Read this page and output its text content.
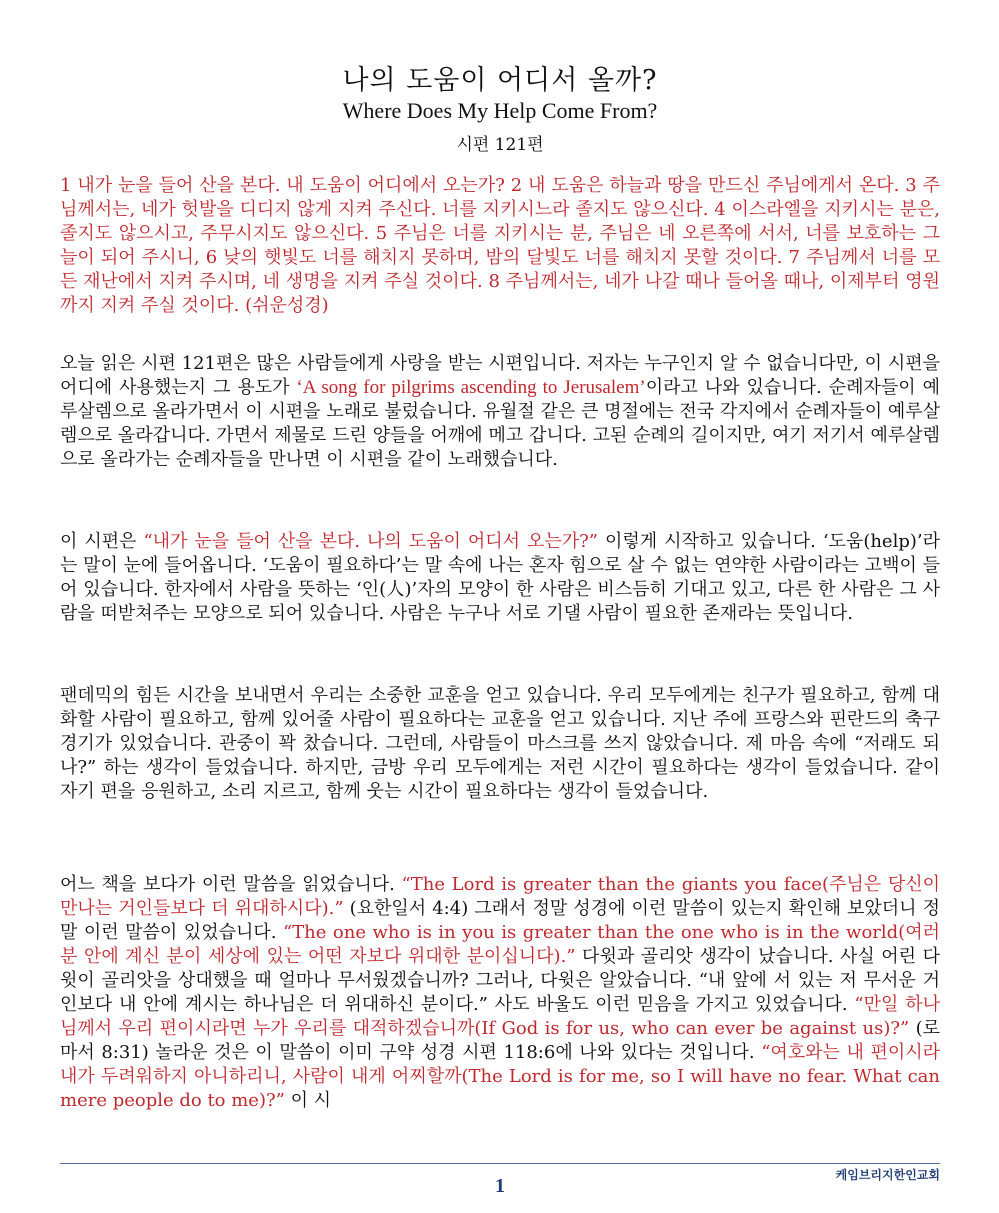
나의 도움이 어디서 올까?
Where Does My Help Come From?
시편 121편

1 내가 눈을 들어 산을 본다. 내 도움이 어디에서 오는가? 2 내 도움은 하늘과 땅을 만드신 주님에게서 온다. 3 주님께서는, 네가 헛발을 디디지 않게 지켜 주신다. 너를 지키시느라 졸지도 않으신다. 4 이스라엘을 지키시는 분은, 졸지도 않으시고, 주무시지도 않으신다. 5 주님은 너를 지키시는 분, 주님은 네 오른쪽에 서서, 너를 보호하는 그늘이 되어 주시니, 6 낮의 햇빛도 너를 해치지 못하며, 밤의 달빛도 너를 해치지 못할 것이다. 7 주님께서 너를 모든 재난에서 지켜 주시며, 네 생명을 지켜 주실 것이다. 8 주님께서는, 네가 나갈 때나 들어올 때나, 이제부터 영원까지 지켜 주실 것이다. (쉬운성경)

오늘 읽은 시편 121편은 많은 사람들에게 사랑을 받는 시편입니다. 저자는 누구인지 알 수 없습니다만, 이 시편을 어디에 사용했는지 그 용도가 ‘A song for pilgrims ascending to Jerusalem’이라고 나와 있습니다. 순례자들이 예루살렘으로 올라가면서 이 시편을 노래로 불렀습니다. 유월절 같은 큰 명절에는 전국 각지에서 순례자들이 예루살렘으로 올라갑니다. 가면서 제물로 드린 양들을 어깨에 메고 갑니다. 고된 순례의 길이지만, 여기 저기서 예루살렘으로 올라가는 순례자들을 만나면 이 시편을 같이 노래했습니다.

이 시편은 “내가 눈을 들어 산을 본다. 나의 도움이 어디서 오는가?” 이렇게 시작하고 있습니다. ‘도움(help)’라는 말이 눈에 들어옵니다. ‘도움이 필요하다’는 말 속에 나는 혼자 힘으로 살 수 없는 연약한 사람이라는 고백이 들어 있습니다. 한자에서 사람을 뜻하는 ‘인(人)’자의 모양이 한 사람은 비스듬히 기대고 있고, 다른 한 사람은 그 사람을 떠받쳐주는 모양으로 되어 있습니다. 사람은 누구나 서로 기댈 사람이 필요한 존재라는 뜻입니다.

팬데믹의 힘든 시간을 보내면서 우리는 소중한 교훈을 얻고 있습니다. 우리 모두에게는 친구가 필요하고, 함께 대화할 사람이 필요하고, 함께 있어줄 사람이 필요하다는 교훈을 얻고 있습니다. 지난 주에 프랑스와 핀란드의 축구 경기가 있었습니다. 관중이 꽉 찼습니다. 그런데, 사람들이 마스크를 쓰지 않았습니다. 제 마음 속에 “저래도 되나?” 하는 생각이 들었습니다. 하지만, 금방 우리 모두에게는 저런 시간이 필요하다는 생각이 들었습니다. 같이 자기 편을 응원하고, 소리 지르고, 함께 웃는 시간이 필요하다는 생각이 들었습니다.

어느 책을 보다가 이런 말씀을 읽었습니다. “The Lord is greater than the giants you face(주님은 당신이 만나는 거인들보다 더 위대하시다).” (요한일서 4:4) 그래서 정말 성경에 이런 말씀이 있는지 확인해 보았더니 정말 이런 말씀이 있었습니다. “The one who is in you is greater than the one who is in the world(여러분 안에 계신 분이 세상에 있는 어떤 자보다 위대한 분이십니다).” 다윗과 골리앗 생각이 났습니다. 사실 어린 다윗이 골리앗을 상대했을 때 얼마나 무서웠겠습니까? 그러나, 다윗은 알았습니다. “내 앞에 서 있는 저 무서운 거인보다 내 안에 계시는 하나님은 더 위대하신 분이다.” 사도 바울도 이런 믿음을 가지고 있었습니다. “만일 하나님께서 우리 편이시라면 누가 우리를 대적하겠습니까(If God is for us, who can ever be against us)?” (로마서 8:31) 놀라운 것은 이 말씀이 이미 구약 성경 시편 118:6에 나와 있다는 것입니다. “여호와는 내 편이시라 내가 두려워하지 아니하리니, 사람이 내게 어찌할까(The Lord is for me, so I will have no fear. What can mere people do to me)?” 이 시

케임브리지한인교회
1
